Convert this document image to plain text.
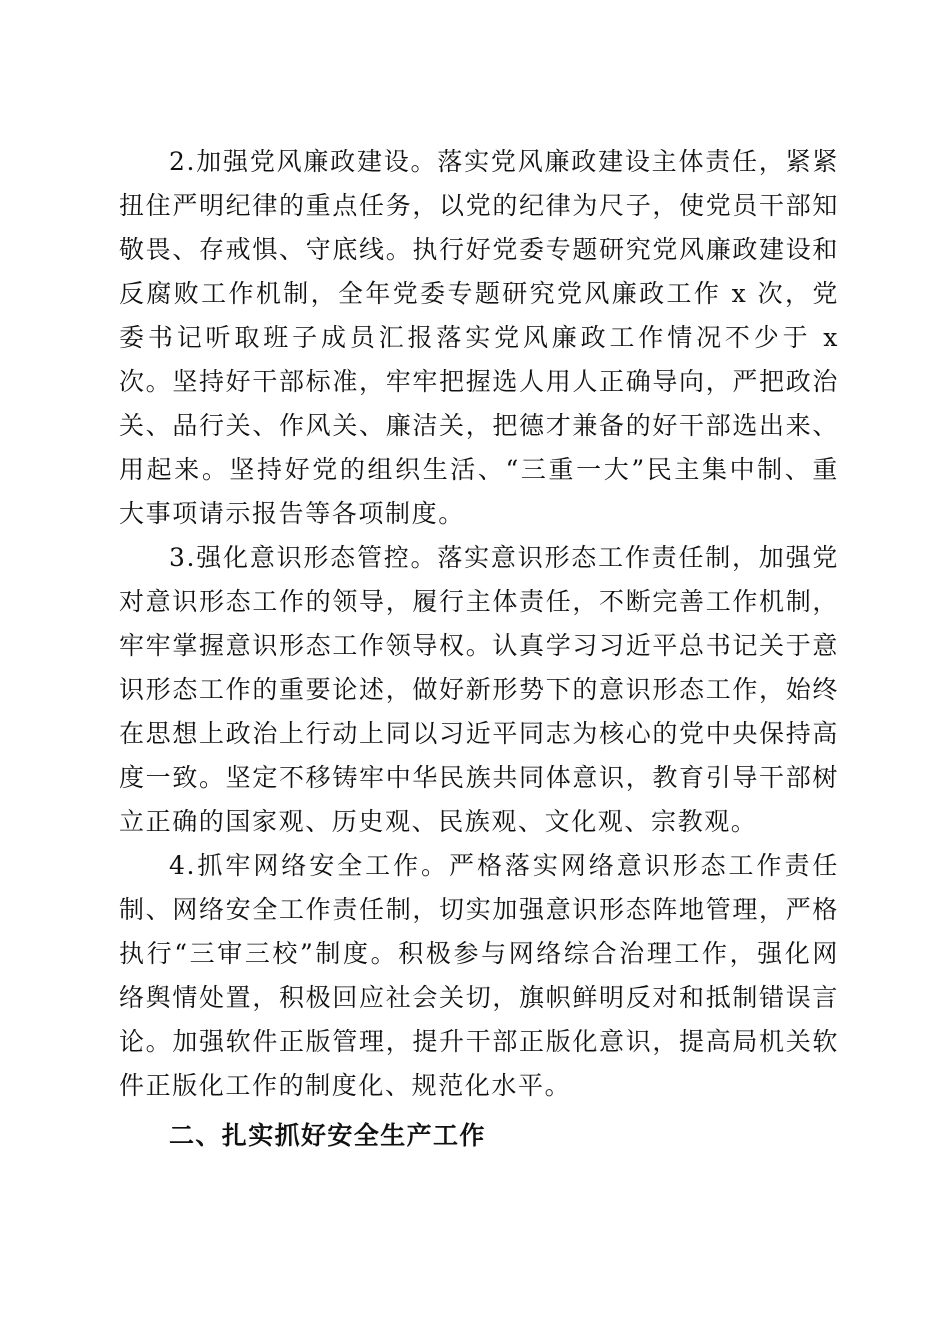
2.加强党风廉政建设。落实党风廉政建设主体责任，紧紧扭住严明纪律的重点任务，以党的纪律为尺子，使党员干部知敬畏、存戒惧、守底线。执行好党委专题研究党风廉政建设和反腐败工作机制，全年党委专题研究党风廉政工作 x 次，党委书记听取班子成员汇报落实党风廉政工作情况不少于 x 次。坚持好干部标准，牢牢把握选人用人正确导向，严把政治关、品行关、作风关、廉洁关，把德才兼备的好干部选出来、用起来。坚持好党的组织生活、“三重一大”民主集中制、重大事项请示报告等各项制度。

3.强化意识形态管控。落实意识形态工作责任制，加强党对意识形态工作的领导，履行主体责任，不断完善工作机制，牢牢掌握意识形态工作领导权。认真学习习近平总书记关于意识形态工作的重要论述，做好新形势下的意识形态工作，始终在思想上政治上行动上同以习近平同志为核心的党中央保持高度一致。坚定不移铸牢中华民族共同体意识，教育引导干部树立正确的国家观、历史观、民族观、文化观、宗教观。

4.抓牢网络安全工作。严格落实网络意识形态工作责任制、网络安全工作责任制，切实加强意识形态阵地管理，严格执行“三审三校”制度。积极参与网络综合治理工作，强化网络舆情处置，积极回应社会关切，旗帜鲜明反对和抵制错误言论。加强软件正版管理，提升干部正版化意识，提高局机关软件正版化工作的制度化、规范化水平。

二、扎实抓好安全生产工作
